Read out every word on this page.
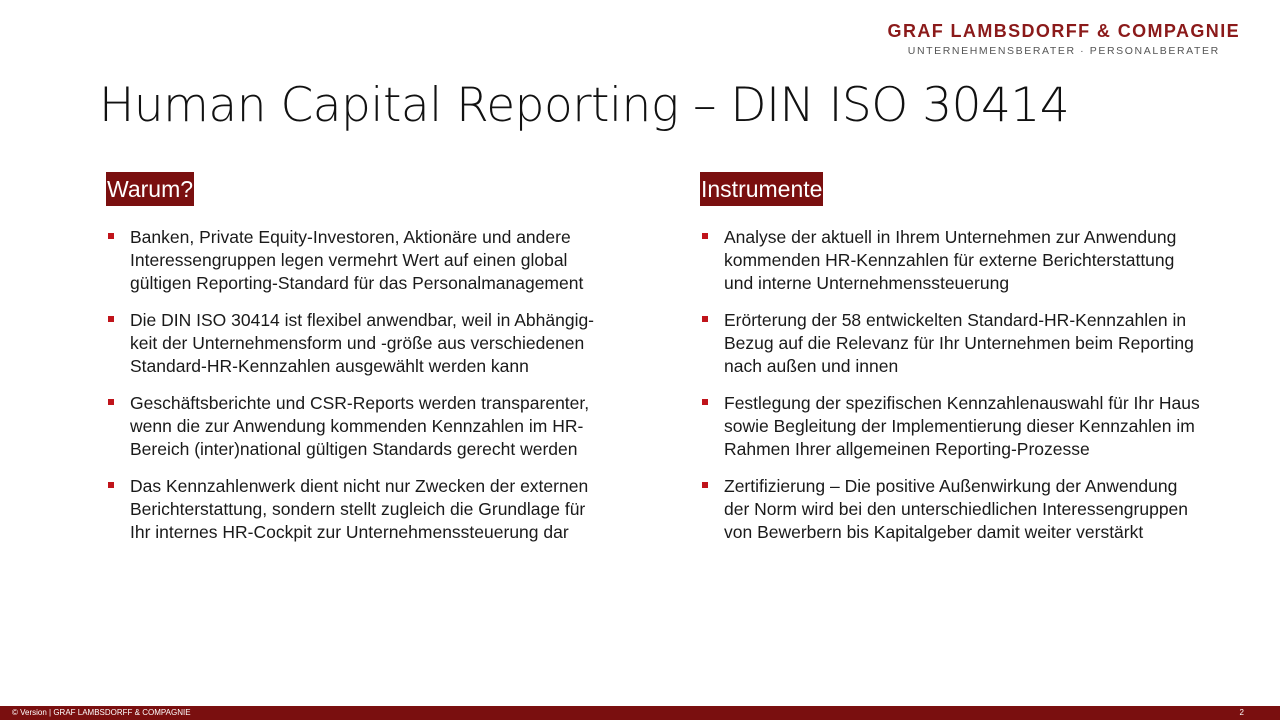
GRAF LAMBSDORFF & COMPAGNIE
UNTERNEHMENSBERATER · PERSONALBERATER
Human Capital Reporting – DIN ISO 30414
Warum?
Banken, Private Equity-Investoren, Aktionäre und andere
Interessengruppen legen vermehrt Wert auf einen global
gültigen Reporting-Standard für das Personalmanagement
Die DIN ISO 30414 ist flexibel anwendbar, weil in Abhängig-
keit der Unternehmensform und -größe aus verschiedenen
Standard-HR-Kennzahlen ausgewählt werden kann
Geschäftsberichte und CSR-Reports werden transparenter,
wenn die zur Anwendung kommenden Kennzahlen im HR-
Bereich (inter)national gültigen Standards gerecht werden
Das Kennzahlenwerk dient nicht nur Zwecken der externen
Berichterstattung, sondern stellt zugleich die Grundlage für
Ihr internes HR-Cockpit zur Unternehmenssteuerung dar
Instrumente
Analyse der aktuell in Ihrem Unternehmen zur Anwendung
kommenden HR-Kennzahlen für externe Berichterstattung
und interne Unternehmenssteuerung
Erörterung der 58 entwickelten Standard-HR-Kennzahlen in
Bezug auf die Relevanz für Ihr Unternehmen beim Reporting
nach außen und innen
Festlegung der spezifischen Kennzahlenauswahl für Ihr Haus
sowie Begleitung der Implementierung dieser Kennzahlen im
Rahmen Ihrer allgemeinen Reporting-Prozesse
Zertifizierung – Die positive Außenwirkung der Anwendung
der Norm wird bei den unterschiedlichen Interessengruppen
von Bewerbern bis Kapitalgeber damit weiter verstärkt
© Version | GRAF LAMBSDORFF & COMPAGNIE	2
